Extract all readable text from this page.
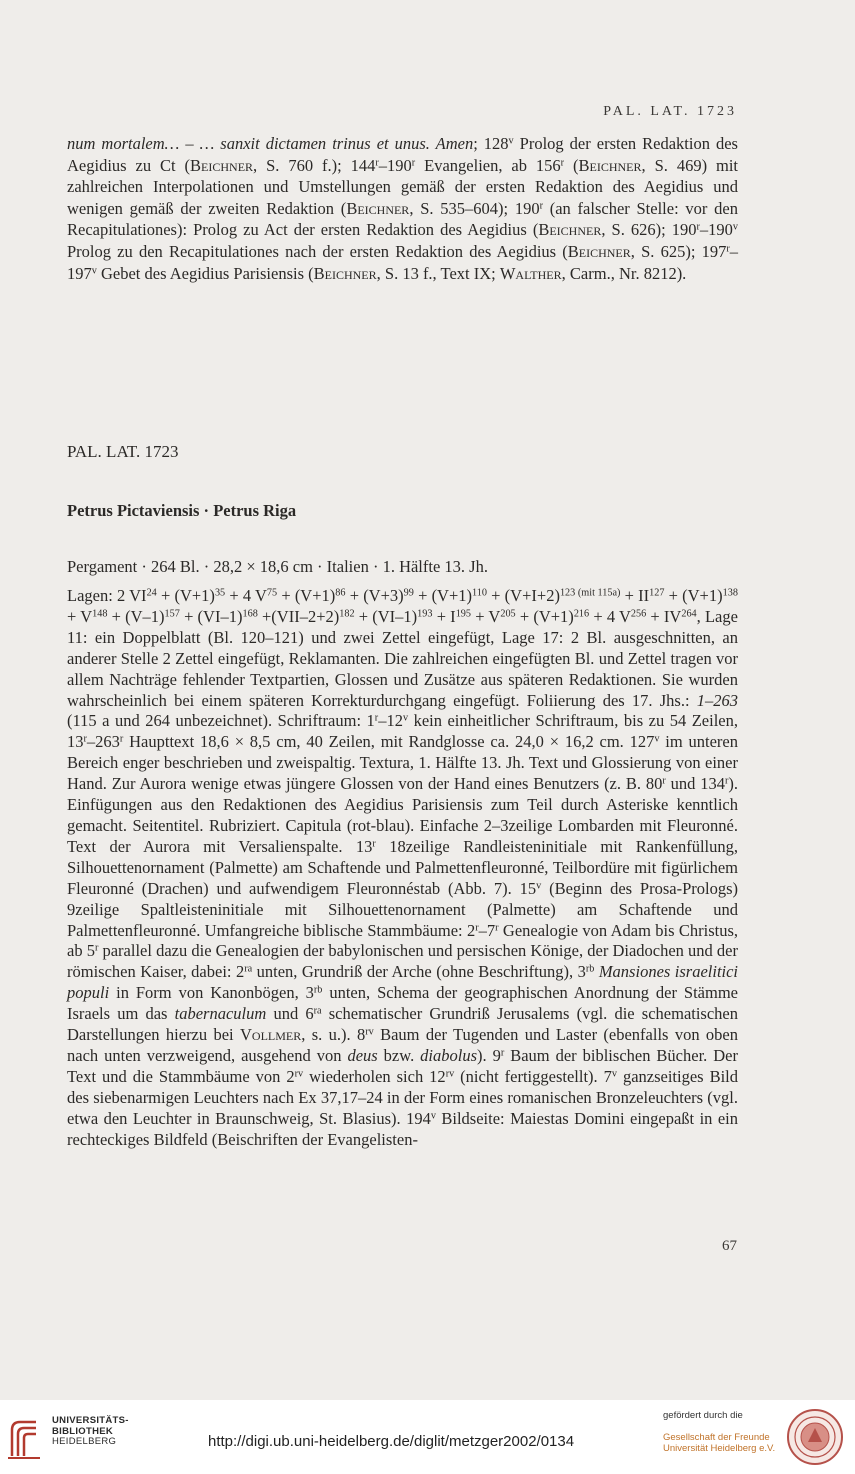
PAL. LAT. 1723
num mortalem… – … sanxit dictamen trinus et unus. Amen; 128$^v$ Prolog der ersten Redaktion des Aegidius zu Ct (Beichner, S. 760 f.); 144$^r$–190$^r$ Evangelien, ab 156$^r$ (Beichner, S. 469) mit zahlreichen Interpolationen und Umstellungen gemäß der ersten Redaktion des Aegidius und wenigen gemäß der zweiten Redaktion (Beichner, S. 535–604); 190$^r$ (an falscher Stelle: vor den Recapitulationes): Prolog zu Act der ersten Redaktion des Aegidius (Beichner, S. 626); 190$^r$–190$^v$ Prolog zu den Recapitulationes nach der ersten Redaktion des Aegidius (Beichner, S. 625); 197$^r$–197$^v$ Gebet des Aegidius Parisiensis (Beichner, S. 13 f., Text IX; Walther, Carm., Nr. 8212).
PAL. LAT. 1723
Petrus Pictaviensis · Petrus Riga
Pergament · 264 Bl. · 28,2 × 18,6 cm · Italien · 1. Hälfte 13. Jh.
Lagen: 2 $VI^{24} + (V+1)^{35} + 4$ $V^{75} + (V+1)^{86} + (V+3)^{99} + (V+1)^{110} + (V+I+2)^{123 (mit 115a)} + II^{127} + (V+1)^{138} + V^{148} + (V-1)^{157} + (VI-1)^{168} +(VII-2+2)^{182} + (VI-1)^{193} + I^{195} + V^{205} + (V+1)^{216} + 4$ $V^{256} + IV^{264}$, Lage 11: ein Doppelblatt (Bl. 120–121) und zwei Zettel eingefügt, Lage 17: 2 Bl. ausgeschnitten, an anderer Stelle 2 Zettel eingefügt, Reklamanten. Die zahlreichen eingefügten Bl. und Zettel tragen vor allem Nachträge fehlender Textpartien, Glossen und Zusätze aus späteren Redaktionen. Sie wurden wahrscheinlich bei einem späteren Korrekturdurchgang eingefügt. Foliierung des 17. Jhs.: 1–263 (115 a und 264 unbezeichnet). Schriftraum: 1$^r$–12$^v$ kein einheitlicher Schriftraum, bis zu 54 Zeilen, 13$^r$–263$^r$ Haupttext 18,6 × 8,5 cm, 40 Zeilen, mit Randglosse ca. 24,0 × 16,2 cm. 127$^v$ im unteren Bereich enger beschrieben und zweispaltig. Textura, 1. Hälfte 13. Jh. Text und Glossierung von einer Hand. Zur Aurora wenige etwas jüngere Glossen von der Hand eines Benutzers (z. B. 80$^r$ und 134$^r$). Einfügungen aus den Redaktionen des Aegidius Parisiensis zum Teil durch Asteriske kenntlich gemacht. Seitentitel. Rubriziert. Capitula (rot-blau). Einfache 2–3zeilige Lombarden mit Fleuronné. Text der Aurora mit Versalienspalte. 13$^r$ 18zeilige Randleisteninitiale mit Rankenfüllung, Silhouettenornament (Palmette) am Schaftende und Palmettenfleuronné, Teilbordüre mit figürlichem Fleuronné (Drachen) und aufwendigem Fleuronnéstab (Abb. 7). 15$^v$ (Beginn des Prosa-Prologs) 9zeilige Spaltleisteninitiale mit Silhouettenornament (Palmette) am Schaftende und Palmettenfleuronné. Umfangreiche biblische Stammbäume: 2$^r$–7$^r$ Genealogie von Adam bis Christus, ab 5$^r$ parallel dazu die Genealogien der babylonischen und persischen Könige, der Diadochen und der römischen Kaiser, dabei: $2^{ra}$ unten, Grundriß der Arche (ohne Beschriftung), $3^{rb}$ Mansiones israelitici populi in Form von Kanonbögen, $3^{rb}$ unten, Schema der geographischen Anordnung der Stämme Israels um das tabernaculum und $6^{ra}$ schematischer Grundriß Jerusalems (vgl. die schematischen Darstellungen hierzu bei Vollmer, s. u.). $8^{rv}$ Baum der Tugenden und Laster (ebenfalls von oben nach unten verzweigend, ausgehend von deus bzw. diabolus). 9$^r$ Baum der biblischen Bücher. Der Text und die Stammbäume von $2^{rv}$ wiederholen sich $12^{rv}$ (nicht fertiggestellt). 7$^v$ ganzseitiges Bild des siebenarmigen Leuchters nach Ex 37,17–24 in der Form eines romanischen Bronzeleuchters (vgl. etwa den Leuchter in Braunschweig, St. Blasius). 194$^v$ Bildseite: Maiestas Domini eingepaßt in ein rechteckiges Bildfeld (Beischriften der Evangelisten-
67
UNIVERSITÄTS-
BIBLIOTHEK
HEIDELBERG	http://digi.ub.uni-heidelberg.de/diglit/metzger2002/0134
gefördert durch die
Gesellschaft der Freunde
Universität Heidelberg e.V.
